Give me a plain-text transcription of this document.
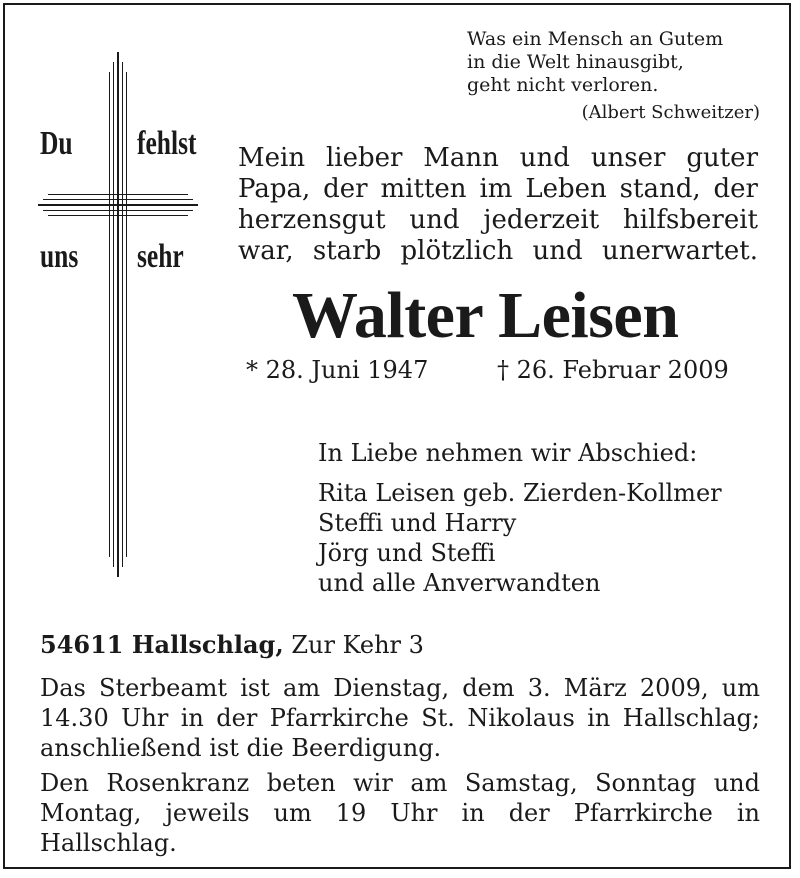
Was ein Mensch an Gutem
in die Welt hinausgibt,
geht nicht verloren.
(Albert Schweitzer)
Du fehlst
uns sehr
Mein lieber Mann und unser guter
Papa, der mitten im Leben stand, der
herzensgut und jederzeit hilfsbereit
war, starb plötzlich und unerwartet.
Walter Leisen
* 28. Juni 1947	† 26. Februar 2009
In Liebe nehmen wir Abschied:
Rita Leisen geb. Zierden-Kollmer
Steffi und Harry
Jörg und Steffi
und alle Anverwandten
54611 Hallschlag, Zur Kehr 3
Das Sterbeamt ist am Dienstag, dem 3. März 2009, um
14.30 Uhr in der Pfarrkirche St. Nikolaus in Hallschlag;
anschließend ist die Beerdigung.
Den Rosenkranz beten wir am Samstag, Sonntag und
Montag, jeweils um 19 Uhr in der Pfarrkirche in
Hallschlag.
